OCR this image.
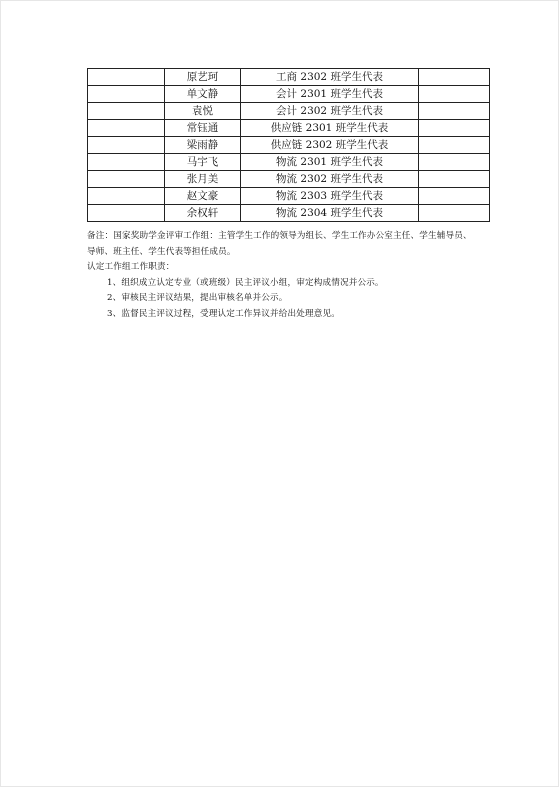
	原艺珂	工商 2302 班学生代表	
	单文静	会计 2301 班学生代表	
	袁悦	会计 2302 班学生代表	
	常钰通	供应链 2301 班学生代表	
	梁雨静	供应链 2302 班学生代表	
	马宇飞	物流 2301 班学生代表	
	张月美	物流 2302 班学生代表	
	赵文豪	物流 2303 班学生代表	
	余权轩	物流 2304 班学生代表	

备注：国家奖助学金评审工作组：主管学生工作的领导为组长、学生工作办公室主任、学生辅导员、

导师、班主任、学生代表等担任成员。

认定工作组工作职责：

1、组织成立认定专业（或班级）民主评议小组，审定构成情况并公示。

2、审核民主评议结果，提出审核名单并公示。

3、监督民主评议过程，受理认定工作异议并给出处理意见。
